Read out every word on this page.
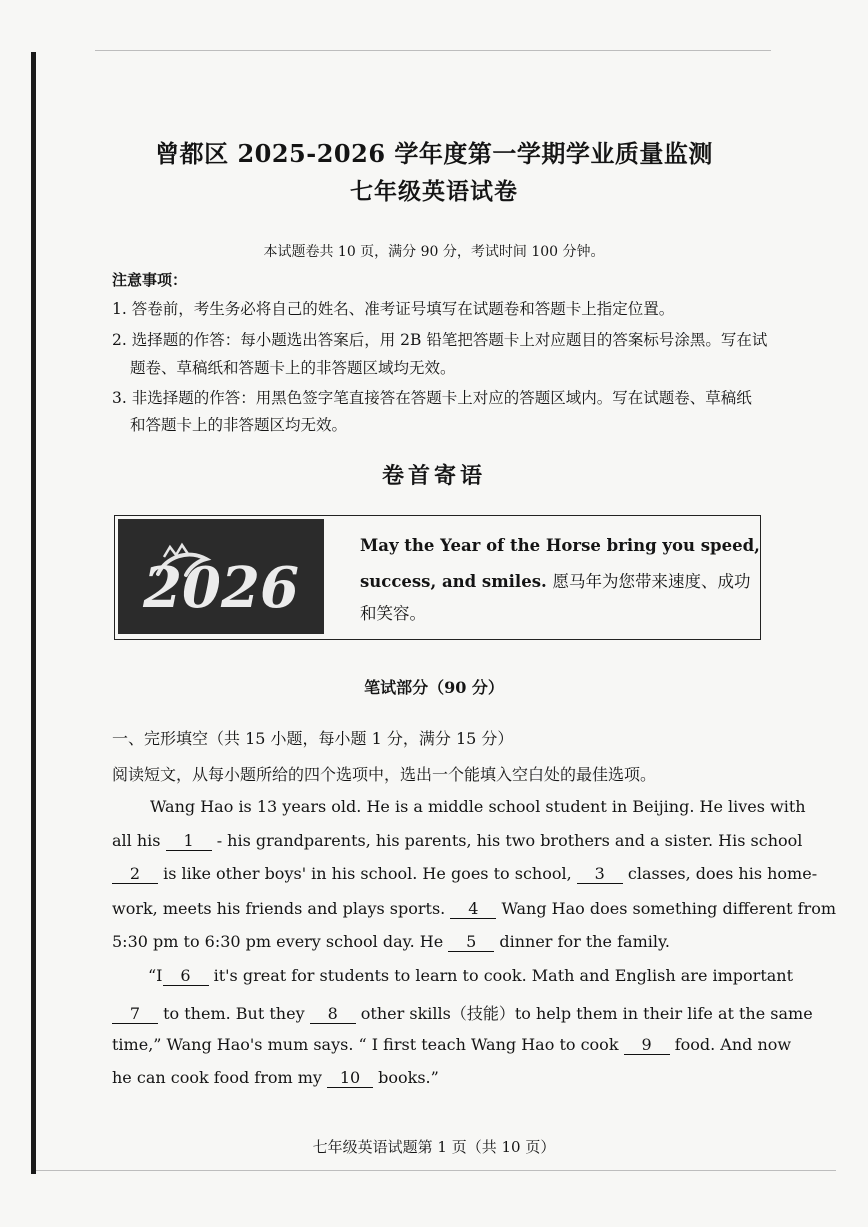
曾都区 2025-2026 学年度第一学期学业质量监测
七年级英语试卷
本试题卷共 10 页，满分 90 分，考试时间 100 分钟。
注意事项：
1. 答卷前，考生务必将自己的姓名、准考证号填写在试题卷和答题卡上指定位置。
2. 选择题的作答：每小题选出答案后，用 2B 铅笔把答题卡上对应题目的答案标号涂黑。写在试
题卷、草稿纸和答题卡上的非答题区域均无效。
3. 非选择题的作答：用黑色签字笔直接答在答题卡上对应的答题区域内。写在试题卷、草稿纸
和答题卡上的非答题区均无效。
卷首寄语
2026
May the Year of the Horse bring you speed,
success, and smiles. 愿马年为您带来速度、成功
和笑容。
笔试部分（90 分）
一、完形填空（共 15 小题，每小题 1 分，满分 15 分）
阅读短文，从每小题所给的四个选项中，选出一个能填入空白处的最佳选项。
Wang Hao is 13 years old. He is a middle school student in Beijing. He lives with
all his 1 - his grandparents, his parents, his two brothers and a sister. His school
2 is like other boys' in his school. He goes to school, 3 classes, does his home-
work, meets his friends and plays sports. 4 Wang Hao does something different from
5:30 pm to 6:30 pm every school day. He 5 dinner for the family.
“I 6 it's great for students to learn to cook. Math and English are important
7 to them. But they 8 other skills（技能）to help them in their life at the same
time,” Wang Hao's mum says. “ I first teach Wang Hao to cook 9 food. And now
he can cook food from my 10 books.”
七年级英语试题第 1 页（共 10 页）
